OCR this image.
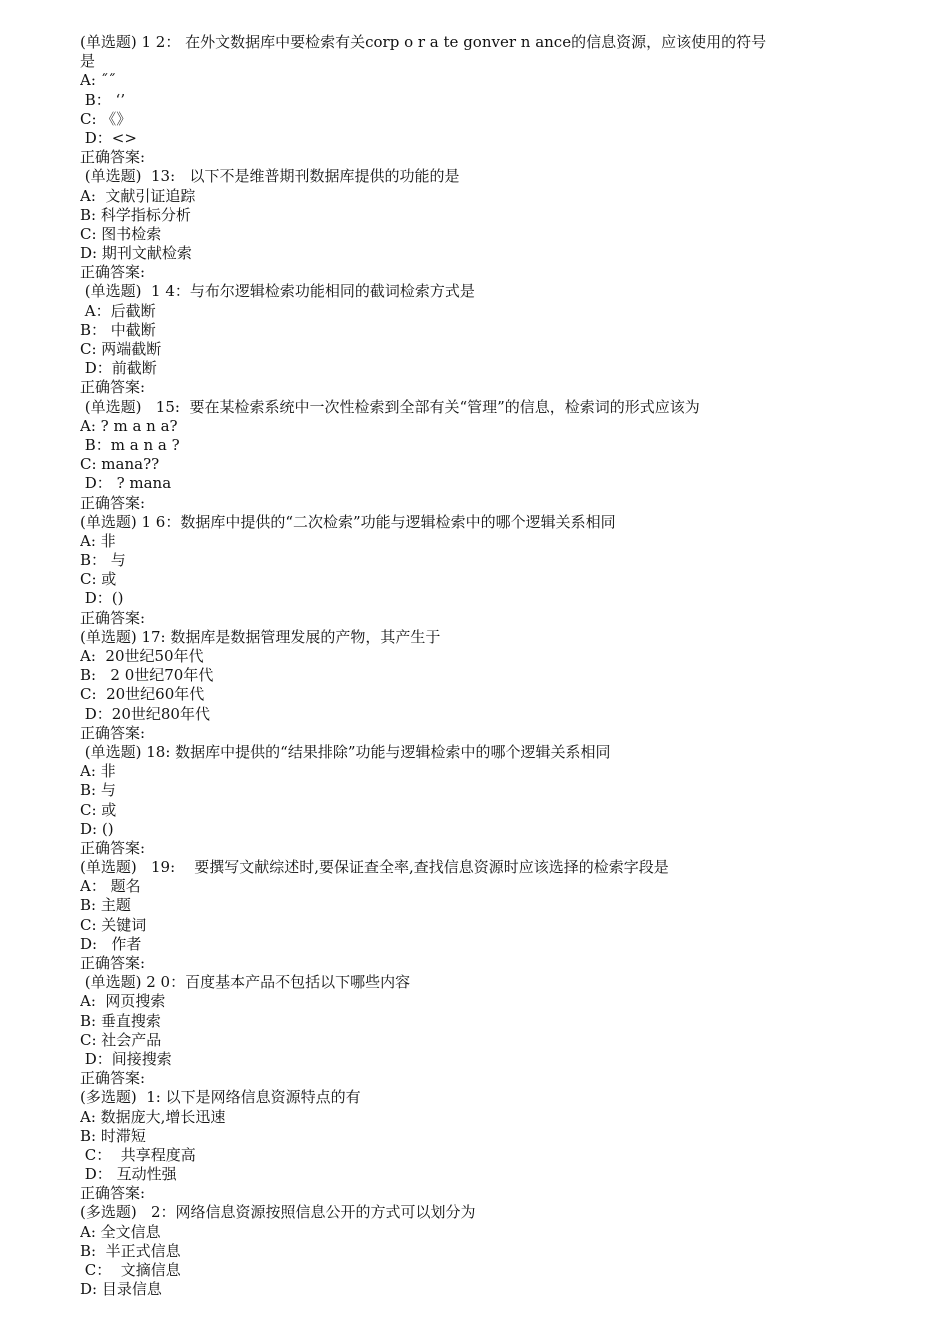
(单选题) 1 2： 在外文数据库中要检索有关corp o r a te gonver n ance的信息资源，应该使用的符号
是
A: ˝˝
B： ‘’
C: 《》
D：<>
正确答案:
(单选题)  13:   以下不是维普期刊数据库提供的功能的是
A:  文献引证追踪
B: 科学指标分析
C: 图书检索
D: 期刊文献检索
正确答案:
(单选题)  1 4：与布尔逻辑检索功能相同的截词检索方式是
A：后截断
B： 中截断
C: 两端截断
D：前截断
正确答案:
(单选题)   15:  要在某检索系统中一次性检索到全部有关“管理”的信息，检索词的形式应该为
A: ? m a n a?
B：m a n a ?
C: mana??
D： ? mana
正确答案:
(单选题) 1 6：数据库中提供的“二次检索”功能与逻辑检索中的哪个逻辑关系相同
A: 非
B： 与
C: 或
D：()
正确答案:
(单选题) 17: 数据库是数据管理发展的产物，其产生于
A:  20世纪50年代
B:   2 0世纪70年代
C:  20世纪60年代
D：20世纪80年代
正确答案:
(单选题) 18: 数据库中提供的“结果排除”功能与逻辑检索中的哪个逻辑关系相同
A: 非
B: 与
C: 或
D: ()
正确答案:
(单选题)   19:    要撰写文献综述时,要保证查全率,查找信息资源时应该选择的检索字段是
A： 题名
B: 主题
C: 关键词
D:   作者
正确答案:
(单选题) 2 0：百度基本产品不包括以下哪些内容
A:  网页搜索
B: 垂直搜索
C: 社会产品
D：间接搜索
正确答案:
(多选题)  1: 以下是网络信息资源特点的有
A: 数据庞大,增长迅速
B: 时滞短
C：  共享程度高
D： 互动性强
正确答案:
(多选题)   2：网络信息资源按照信息公开的方式可以划分为
A: 全文信息
B:  半正式信息
C：  文摘信息
D: 目录信息
